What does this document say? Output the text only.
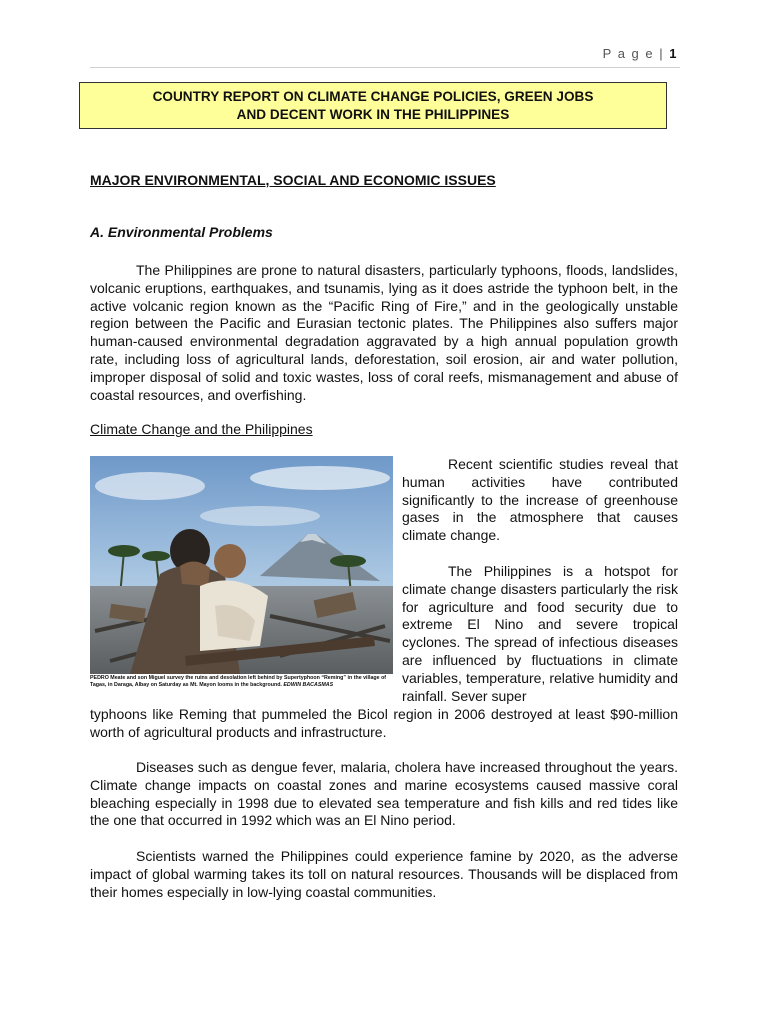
P a g e | 1
COUNTRY REPORT ON CLIMATE CHANGE POLICIES, GREEN JOBS
AND DECENT WORK IN THE PHILIPPINES
MAJOR ENVIRONMENTAL, SOCIAL AND ECONOMIC ISSUES
A. Environmental Problems

The Philippines are prone to natural disasters, particularly typhoons, floods, landslides, volcanic eruptions, earthquakes, and tsunamis, lying as it does astride the typhoon belt, in the active volcanic region known as the “Pacific Ring of Fire,” and in the geologically unstable region between the Pacific and Eurasian tectonic plates. The Philippines also suffers major human-caused environmental degradation aggravated by a high annual population growth rate, including loss of agricultural lands, deforestation, soil erosion, air and water pollution, improper disposal of solid and toxic wastes, loss of coral reefs, mismanagement and abuse of coastal resources, and overfishing.

Climate Change and the Philippines
PEDRO Meate and son Miguel survey the ruins and desolation left behind by Supertyphoon “Reming” in the village of Tagas, in Daraga, Albay on Saturday as Mt. Mayon looms in the background. EDWIN BACASMAS

Recent scientific studies reveal that human activities have contributed significantly to the increase of greenhouse gases in the atmosphere that causes climate change.

The Philippines is a hotspot for climate change disasters particularly the risk for agriculture and food security due to extreme El Nino and severe tropical cyclones. The spread of infectious diseases are influenced by fluctuations in climate variables, temperature, relative humidity and rainfall. Sever super

typhoons like Reming that pummeled the Bicol region in 2006 destroyed at least $90-million worth of agricultural products and infrastructure.

Diseases such as dengue fever, malaria, cholera have increased throughout the years. Climate change impacts on coastal zones and marine ecosystems caused massive coral bleaching especially in 1998 due to elevated sea temperature and fish kills and red tides like the one that occurred in 1992 which was an El Nino period.

Scientists warned the Philippines could experience famine by 2020, as the adverse impact of global warming takes its toll on natural resources. Thousands will be displaced from their homes especially in low-lying coastal communities.
